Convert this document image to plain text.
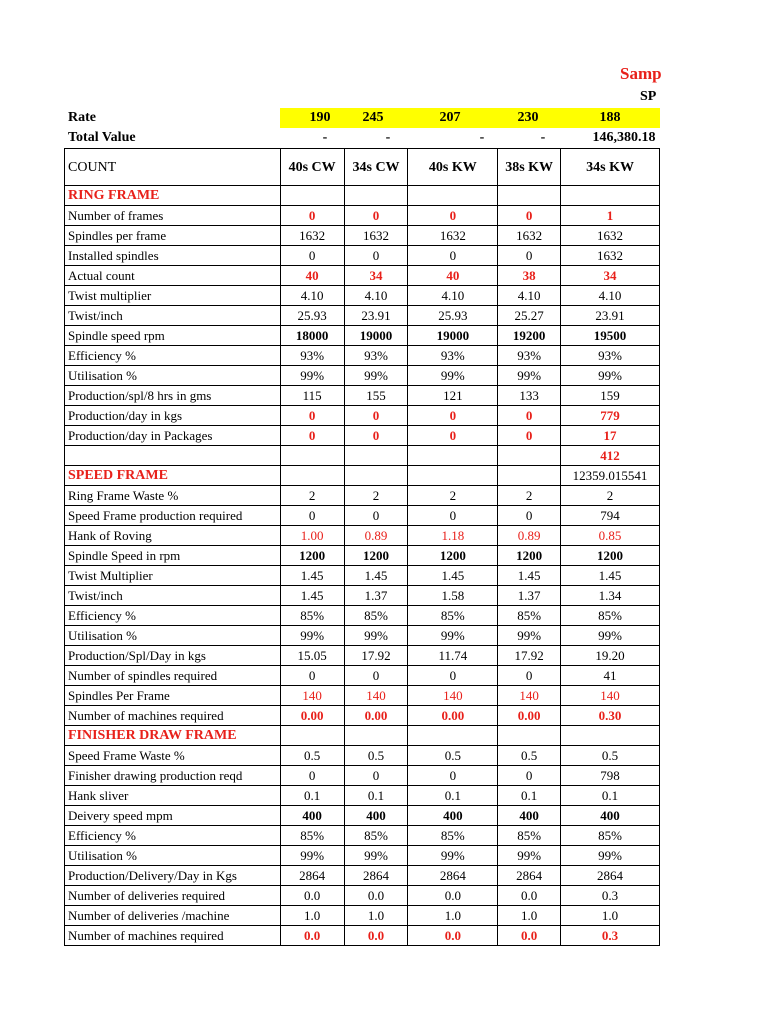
Samp
SP
Rate	190	245	207	230	188
Total Value	-	-	-	-	146,380.18
COUNT	40s CW	34s CW	40s KW	38s KW	34s KW
RING FRAME					
Number of frames	0	0	0	0	1
Spindles per frame	1632	1632	1632	1632	1632
Installed spindles	0	0	0	0	1632
Actual count	40	34	40	38	34
Twist multiplier	4.10	4.10	4.10	4.10	4.10
Twist/inch	25.93	23.91	25.93	25.27	23.91
Spindle speed rpm	18000	19000	19000	19200	19500
Efficiency %	93%	93%	93%	93%	93%
Utilisation %	99%	99%	99%	99%	99%
Production/spl/8 hrs in gms	115	155	121	133	159
Production/day in kgs	0	0	0	0	779
Production/day in Packages	0	0	0	0	17
					412
SPEED FRAME					12359.015541
Ring Frame Waste %	2	2	2	2	2
Speed Frame production required	0	0	0	0	794
Hank of Roving	1.00	0.89	1.18	0.89	0.85
Spindle Speed in rpm	1200	1200	1200	1200	1200
Twist Multiplier	1.45	1.45	1.45	1.45	1.45
Twist/inch	1.45	1.37	1.58	1.37	1.34
Efficiency %	85%	85%	85%	85%	85%
Utilisation %	99%	99%	99%	99%	99%
Production/Spl/Day in kgs	15.05	17.92	11.74	17.92	19.20
Number of spindles required	0	0	0	0	41
Spindles Per Frame	140	140	140	140	140
Number of machines required	0.00	0.00	0.00	0.00	0.30
FINISHER DRAW FRAME					
Speed Frame Waste %	0.5	0.5	0.5	0.5	0.5
Finisher drawing production reqd	0	0	0	0	798
Hank sliver	0.1	0.1	0.1	0.1	0.1
Deivery speed mpm	400	400	400	400	400
Efficiency %	85%	85%	85%	85%	85%
Utilisation %	99%	99%	99%	99%	99%
Production/Delivery/Day in Kgs	2864	2864	2864	2864	2864
Number of deliveries required	0.0	0.0	0.0	0.0	0.3
Number of deliveries /machine	1.0	1.0	1.0	1.0	1.0
Number of machines required	0.0	0.0	0.0	0.0	0.3
